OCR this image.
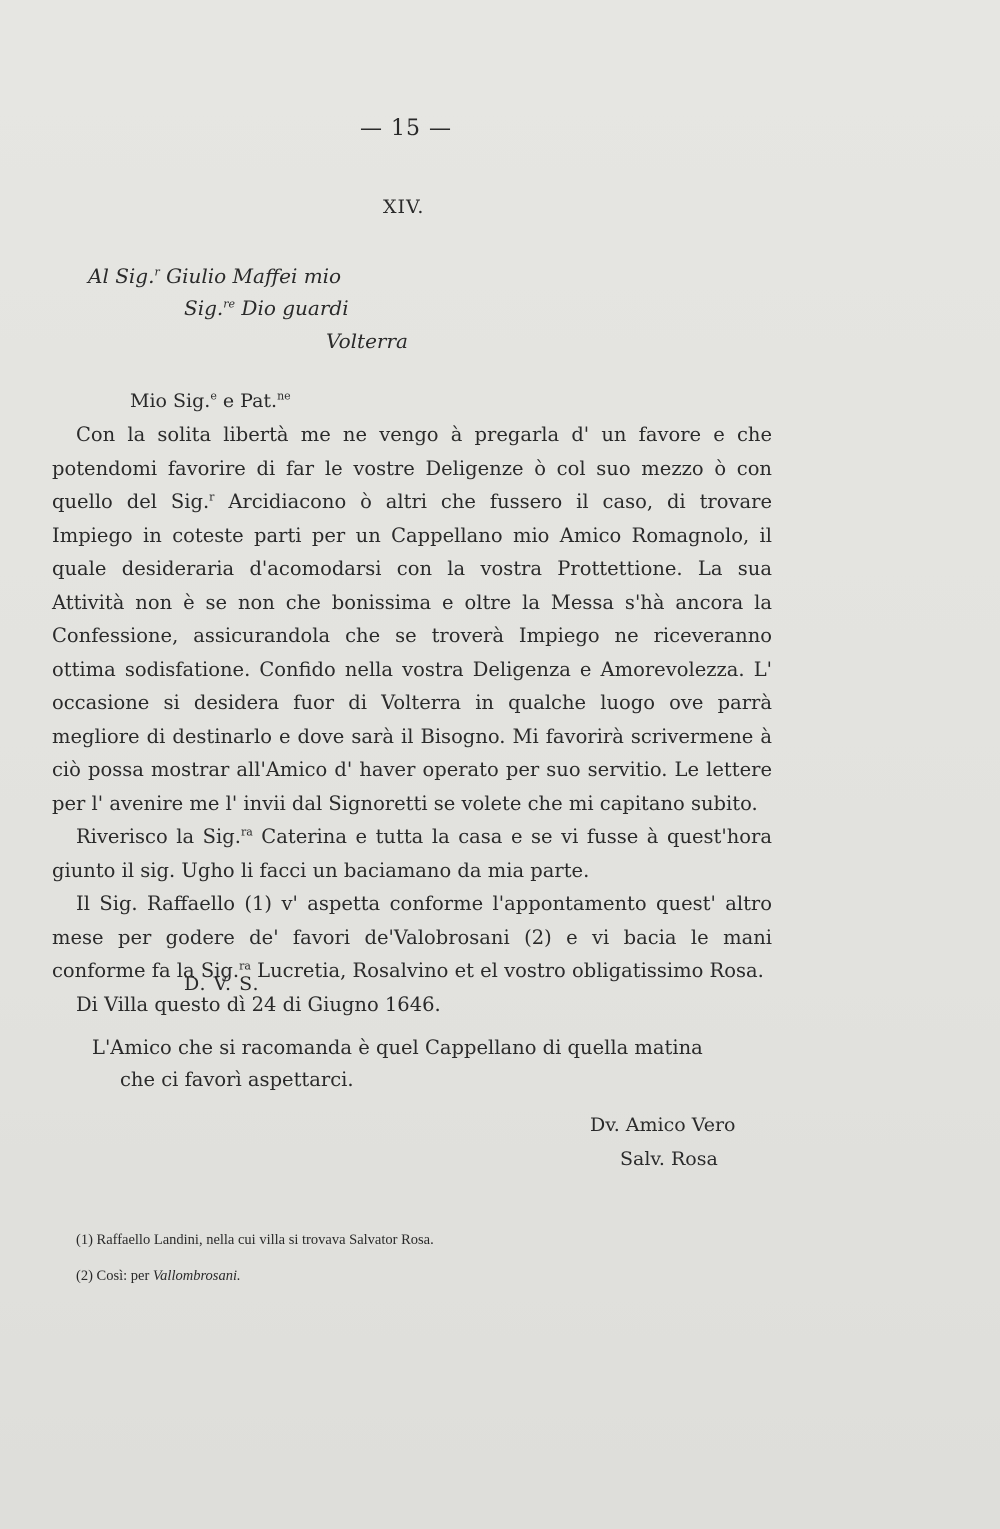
— 15 —
XIV.
Al Sig.$^r$ Giulio Maffei mio
Sig.$^{re}$ Dio guardi
Volterra
Mio Sig.$^e$ e Pat.$^{ne}$

Con la solita libertà me ne vengo à pregarla d' un favore e che potendomi favorire di far le vostre Deligenze ò col suo mezzo ò con quello del Sig.$^r$ Arcidiacono ò altri che fussero il caso, di trovare Impiego in coteste parti per un Cappellano mio Amico Romagnolo, il quale desideraria d'acomodarsi con la vostra Prottettione. La sua Attività non è se non che bonissima e oltre la Messa s'hà ancora la Confessione, assicurandola che se troverà Impiego ne riceveranno ottima sodisfatione. Confido nella vostra Deligenza e Amorevolezza. L' occasione si desidera fuor di Volterra in qualche luogo ove parrà megliore di destinarlo e dove sarà il Bisogno. Mi favorirà scrivermene à ciò possa mostrar all'Amico d' haver operato per suo servitio. Le lettere per l' avenire me l' invii dal Signoretti se volete che mi capitano subito.

Riverisco la Sig.$^{ra}$ Caterina e tutta la casa e se vi fusse à quest'hora giunto il sig. Ugho li facci un baciamano da mia parte.

Il Sig. Raffaello (1) v' aspetta conforme l'appontamento quest' altro mese per godere de' favori de'Valobrosani (2) e vi bacia le mani conforme fa la Sig.$^{ra}$ Lucretia, Rosalvino et el vostro obligatissimo Rosa.

Di Villa questo dì 24 di Giugno 1646.

D. V. S.
L'Amico che si racomanda è quel Cappellano di quella matina
che ci favorì aspettarci.
Dv. Amico Vero
Salv. Rosa
(1) Raffaello Landini, nella cui villa si trovava Salvator Rosa.
(2) Così: per Vallombrosani.
